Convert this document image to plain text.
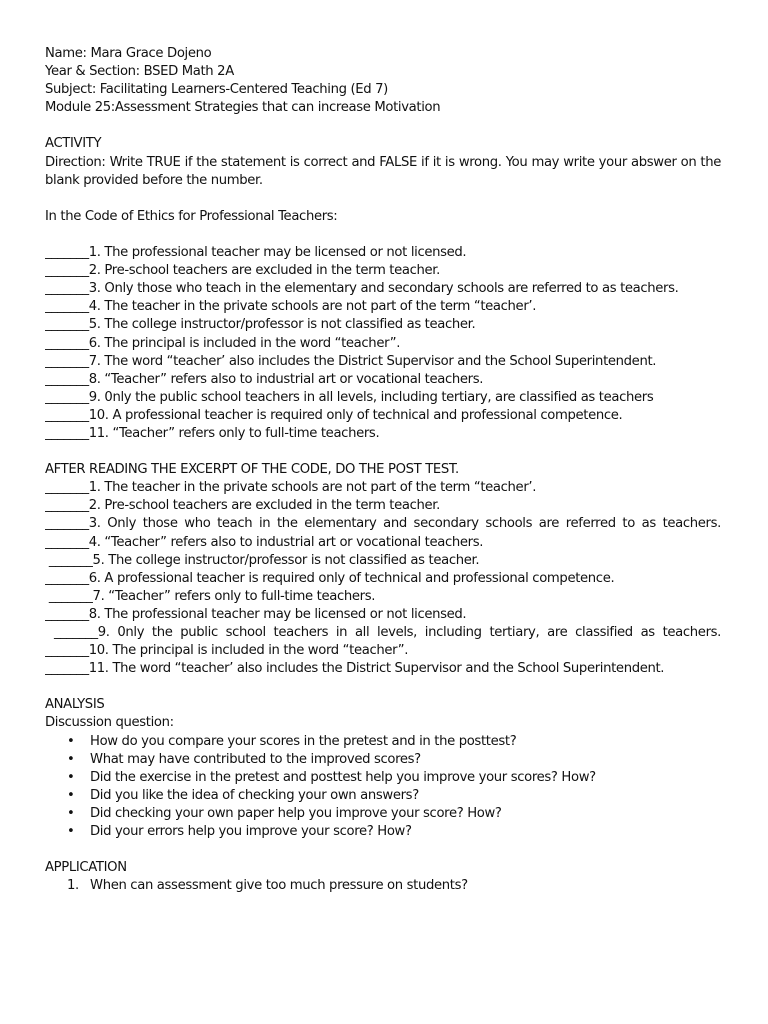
Name: Mara Grace Dojeno
Year & Section: BSED Math 2A
Subject: Facilitating Learners-Centered Teaching (Ed 7)
Module 25:Assessment Strategies that can increase Motivation
ACTIVITY
Direction: Write TRUE if the statement is correct and FALSE if it is wrong. You may write your abswer on the blank provided before the number.
In the Code of Ethics for Professional Teachers:
_______1. The professional teacher may be licensed or not licensed.
_______2. Pre-school teachers are excluded in the term teacher.
_______3. Only those who teach in the elementary and secondary schools are referred to as teachers.
_______4. The teacher in the private schools are not part of the term “teacher’.
_______5. The college instructor/professor is not classified as teacher.
_______6. The principal is included in the word “teacher”.
_______7. The word “teacher’ also includes the District Supervisor and the School Superintendent.
_______8. “Teacher” refers also to industrial art or vocational teachers.
_______9. 0nly the public school teachers in all levels, including tertiary, are classified as teachers
_______10. A professional teacher is required only of technical and professional competence.
_______11. “Teacher” refers only to full-time teachers.
AFTER READING THE EXCERPT OF THE CODE, DO THE POST TEST.
_______1. The teacher in the private schools are not part of the term “teacher’.
_______2. Pre-school teachers are excluded in the term teacher.
_______3. Only those who teach in the elementary and secondary schools are referred to as teachers.
_______4. “Teacher” refers also to industrial art or vocational teachers.
_______5. The college instructor/professor is not classified as teacher.
_______6. A professional teacher is required only of technical and professional competence.
_______7. “Teacher” refers only to full-time teachers.
_______8. The professional teacher may be licensed or not licensed.
_______9. 0nly the public school teachers in all levels, including tertiary, are classified as teachers.
_______10. The principal is included in the word “teacher”.
_______11. The word “teacher’ also includes the District Supervisor and the School Superintendent.
ANALYSIS
Discussion question:
• How do you compare your scores in the pretest and in the posttest?
• What may have contributed to the improved scores?
• Did the exercise in the pretest and posttest help you improve your scores? How?
• Did you like the idea of checking your own answers?
• Did checking your own paper help you improve your score? How?
• Did your errors help you improve your score? How?
APPLICATION
1. When can assessment give too much pressure on students?
